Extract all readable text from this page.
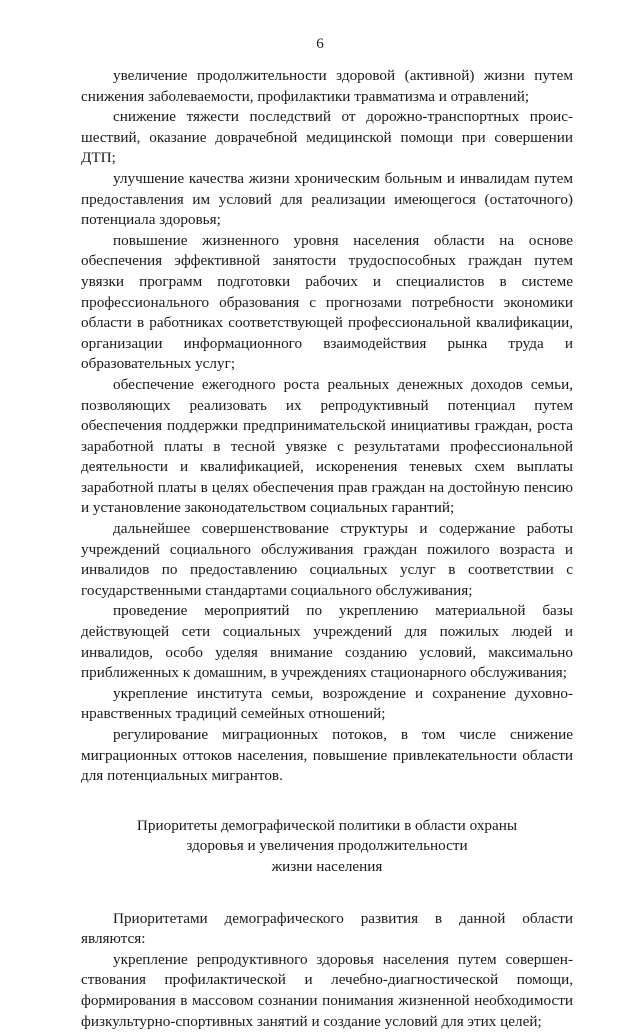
6

увеличение продолжительности здоровой (активной) жизни путем снижения заболеваемости, профилактики травматизма и отравлений;

снижение тяжести последствий от дорожно-транспортных происшествий, оказание доврачебной медицинской помощи при совершении ДТП;

улучшение качества жизни хроническим больным и инвалидам путем предоставления им условий для реализации имеющегося (остаточного) потенциала здоровья;

повышение жизненного уровня населения области на основе обеспечения эффективной занятости трудоспособных граждан путем увязки программ подготовки рабочих и специалистов в системе профессионального образования с прогнозами потребности экономики области в работниках соответствующей профессиональной квалификации, организации информационного взаимодействия рынка труда и образовательных услуг;

обеспечение ежегодного роста реальных денежных доходов семьи, позволяющих реализовать их репродуктивный потенциал путем обеспечения поддержки предпринимательской инициативы граждан, роста заработной платы в тесной увязке с результатами профессиональной деятельности и квалификацией, искоренения теневых схем выплаты заработной платы в целях обеспечения прав граждан на достойную пенсию и установление законодательством социальных гарантий;

дальнейшее совершенствование структуры и содержание работы учреждений социального обслуживания граждан пожилого возраста и инвалидов по предоставлению социальных услуг в соответствии с государственными стандартами социального обслуживания;

проведение мероприятий по укреплению материальной базы действующей сети социальных учреждений для пожилых людей и инвалидов, особо уделяя внимание созданию условий, максимально приближенных к домашним, в учреждениях стационарного обслуживания;

укрепление института семьи, возрождение и сохранение духовно-нравственных традиций семейных отношений;

регулирование миграционных потоков, в том числе снижение миграционных оттоков населения, повышение привлекательности области для потенциальных мигрантов.

Приоритеты демографической политики в области охраны
здоровья и увеличения продолжительности
жизни населения

Приоритетами демографического развития в данной области являются:

укрепление репродуктивного здоровья населения путем совершенствования профилактической и лечебно-диагностической помощи, формирования в массовом сознании понимания жизненной необходимости физкультурно-спортивных занятий и создание условий для этих целей;
